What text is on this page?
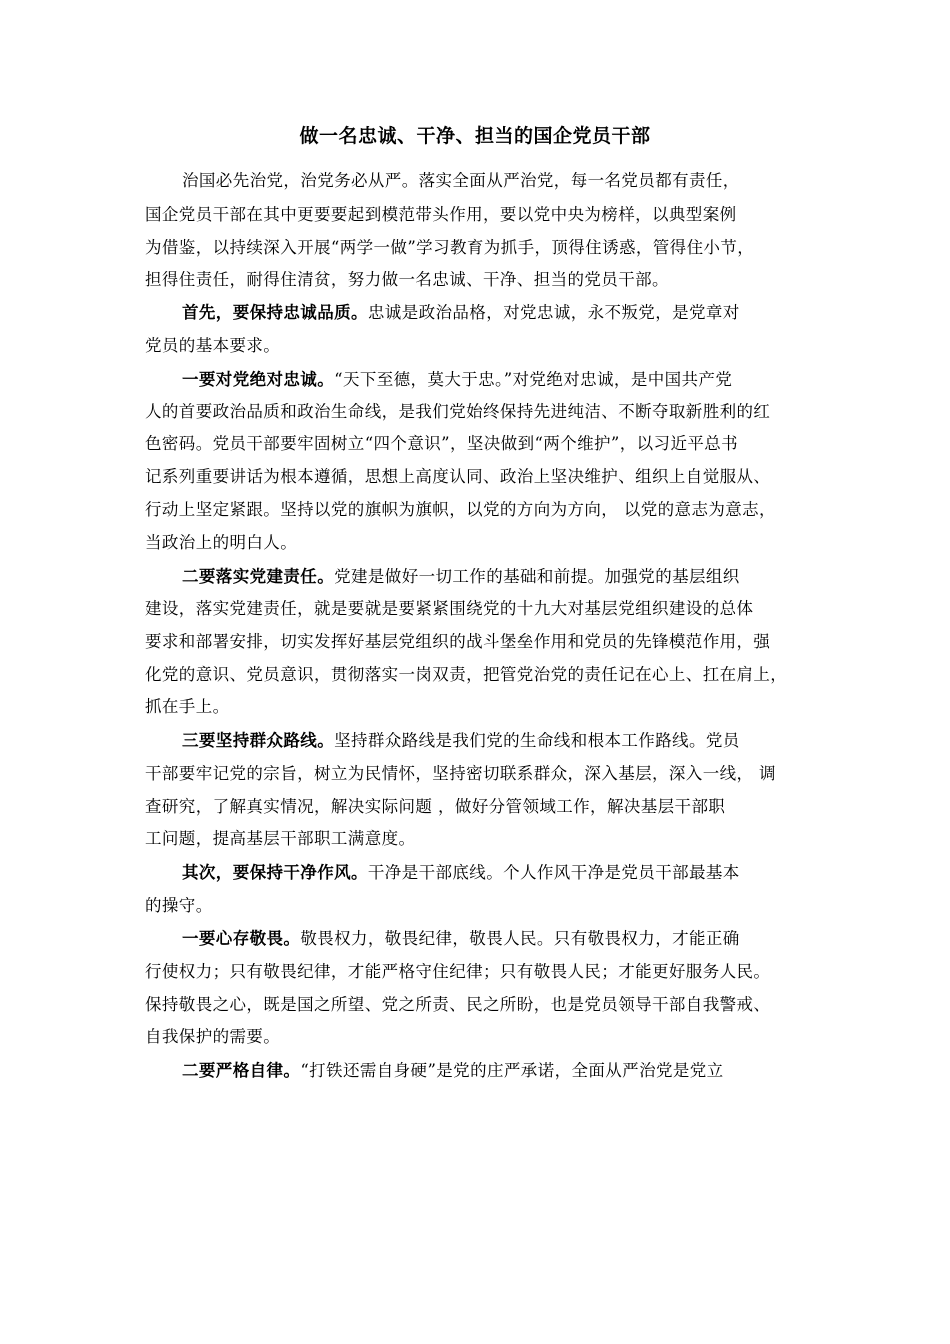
做一名忠诚、干净、担当的国企党员干部
治国必先治党，治党务必从严。落实全面从严治党，每一名党员都有责任，
国企党员干部在其中更要要起到模范带头作用，要以党中央为榜样，以典型案例
为借鉴，以持续深入开展“两学一做”学习教育为抓手，顶得住诱惑，管得住小节，
担得住责任，耐得住清贫，努力做一名忠诚、干净、担当的党员干部。
首先，要保持忠诚品质。忠诚是政治品格，对党忠诚，永不叛党，是党章对
党员的基本要求。
一要对党绝对忠诚。“天下至德，莫大于忠。”对党绝对忠诚，是中国共产党
人的首要政治品质和政治生命线，是我们党始终保持先进纯洁、不断夺取新胜利的红
色密码。党员干部要牢固树立“四个意识”，坚决做到“两个维护”，以习近平总书
记系列重要讲话为根本遵循，思想上高度认同、政治上坚决维护、组织上自觉服从、
行动上坚定紧跟。坚持以党的旗帜为旗帜，以党的方向为方向， 以党的意志为意志，
当政治上的明白人。
二要落实党建责任。党建是做好一切工作的基础和前提。加强党的基层组织
建设，落实党建责任，就是要就是要紧紧围绕党的十九大对基层党组织建设的总体
要求和部署安排，切实发挥好基层党组织的战斗堡垒作用和党员的先锋模范作用，强
化党的意识、党员意识，贯彻落实一岗双责，把管党治党的责任记在心上、扛在肩上，
抓在手上。
三要坚持群众路线。坚持群众路线是我们党的生命线和根本工作路线。党员
干部要牢记党的宗旨，树立为民情怀，坚持密切联系群众，深入基层，深入一线， 调
查研究，了解真实情况，解决实际问题 ，做好分管领域工作，解决基层干部职
工问题，提高基层干部职工满意度。
其次，要保持干净作风。干净是干部底线。个人作风干净是党员干部最基本
的操守。
一要心存敬畏。敬畏权力，敬畏纪律，敬畏人民。只有敬畏权力，才能正确
行使权力；只有敬畏纪律，才能严格守住纪律；只有敬畏人民；才能更好服务人民。
保持敬畏之心，既是国之所望、党之所责、民之所盼，也是党员领导干部自我警戒、
自我保护的需要。
二要严格自律。“打铁还需自身硬”是党的庄严承诺，全面从严治党是党立
